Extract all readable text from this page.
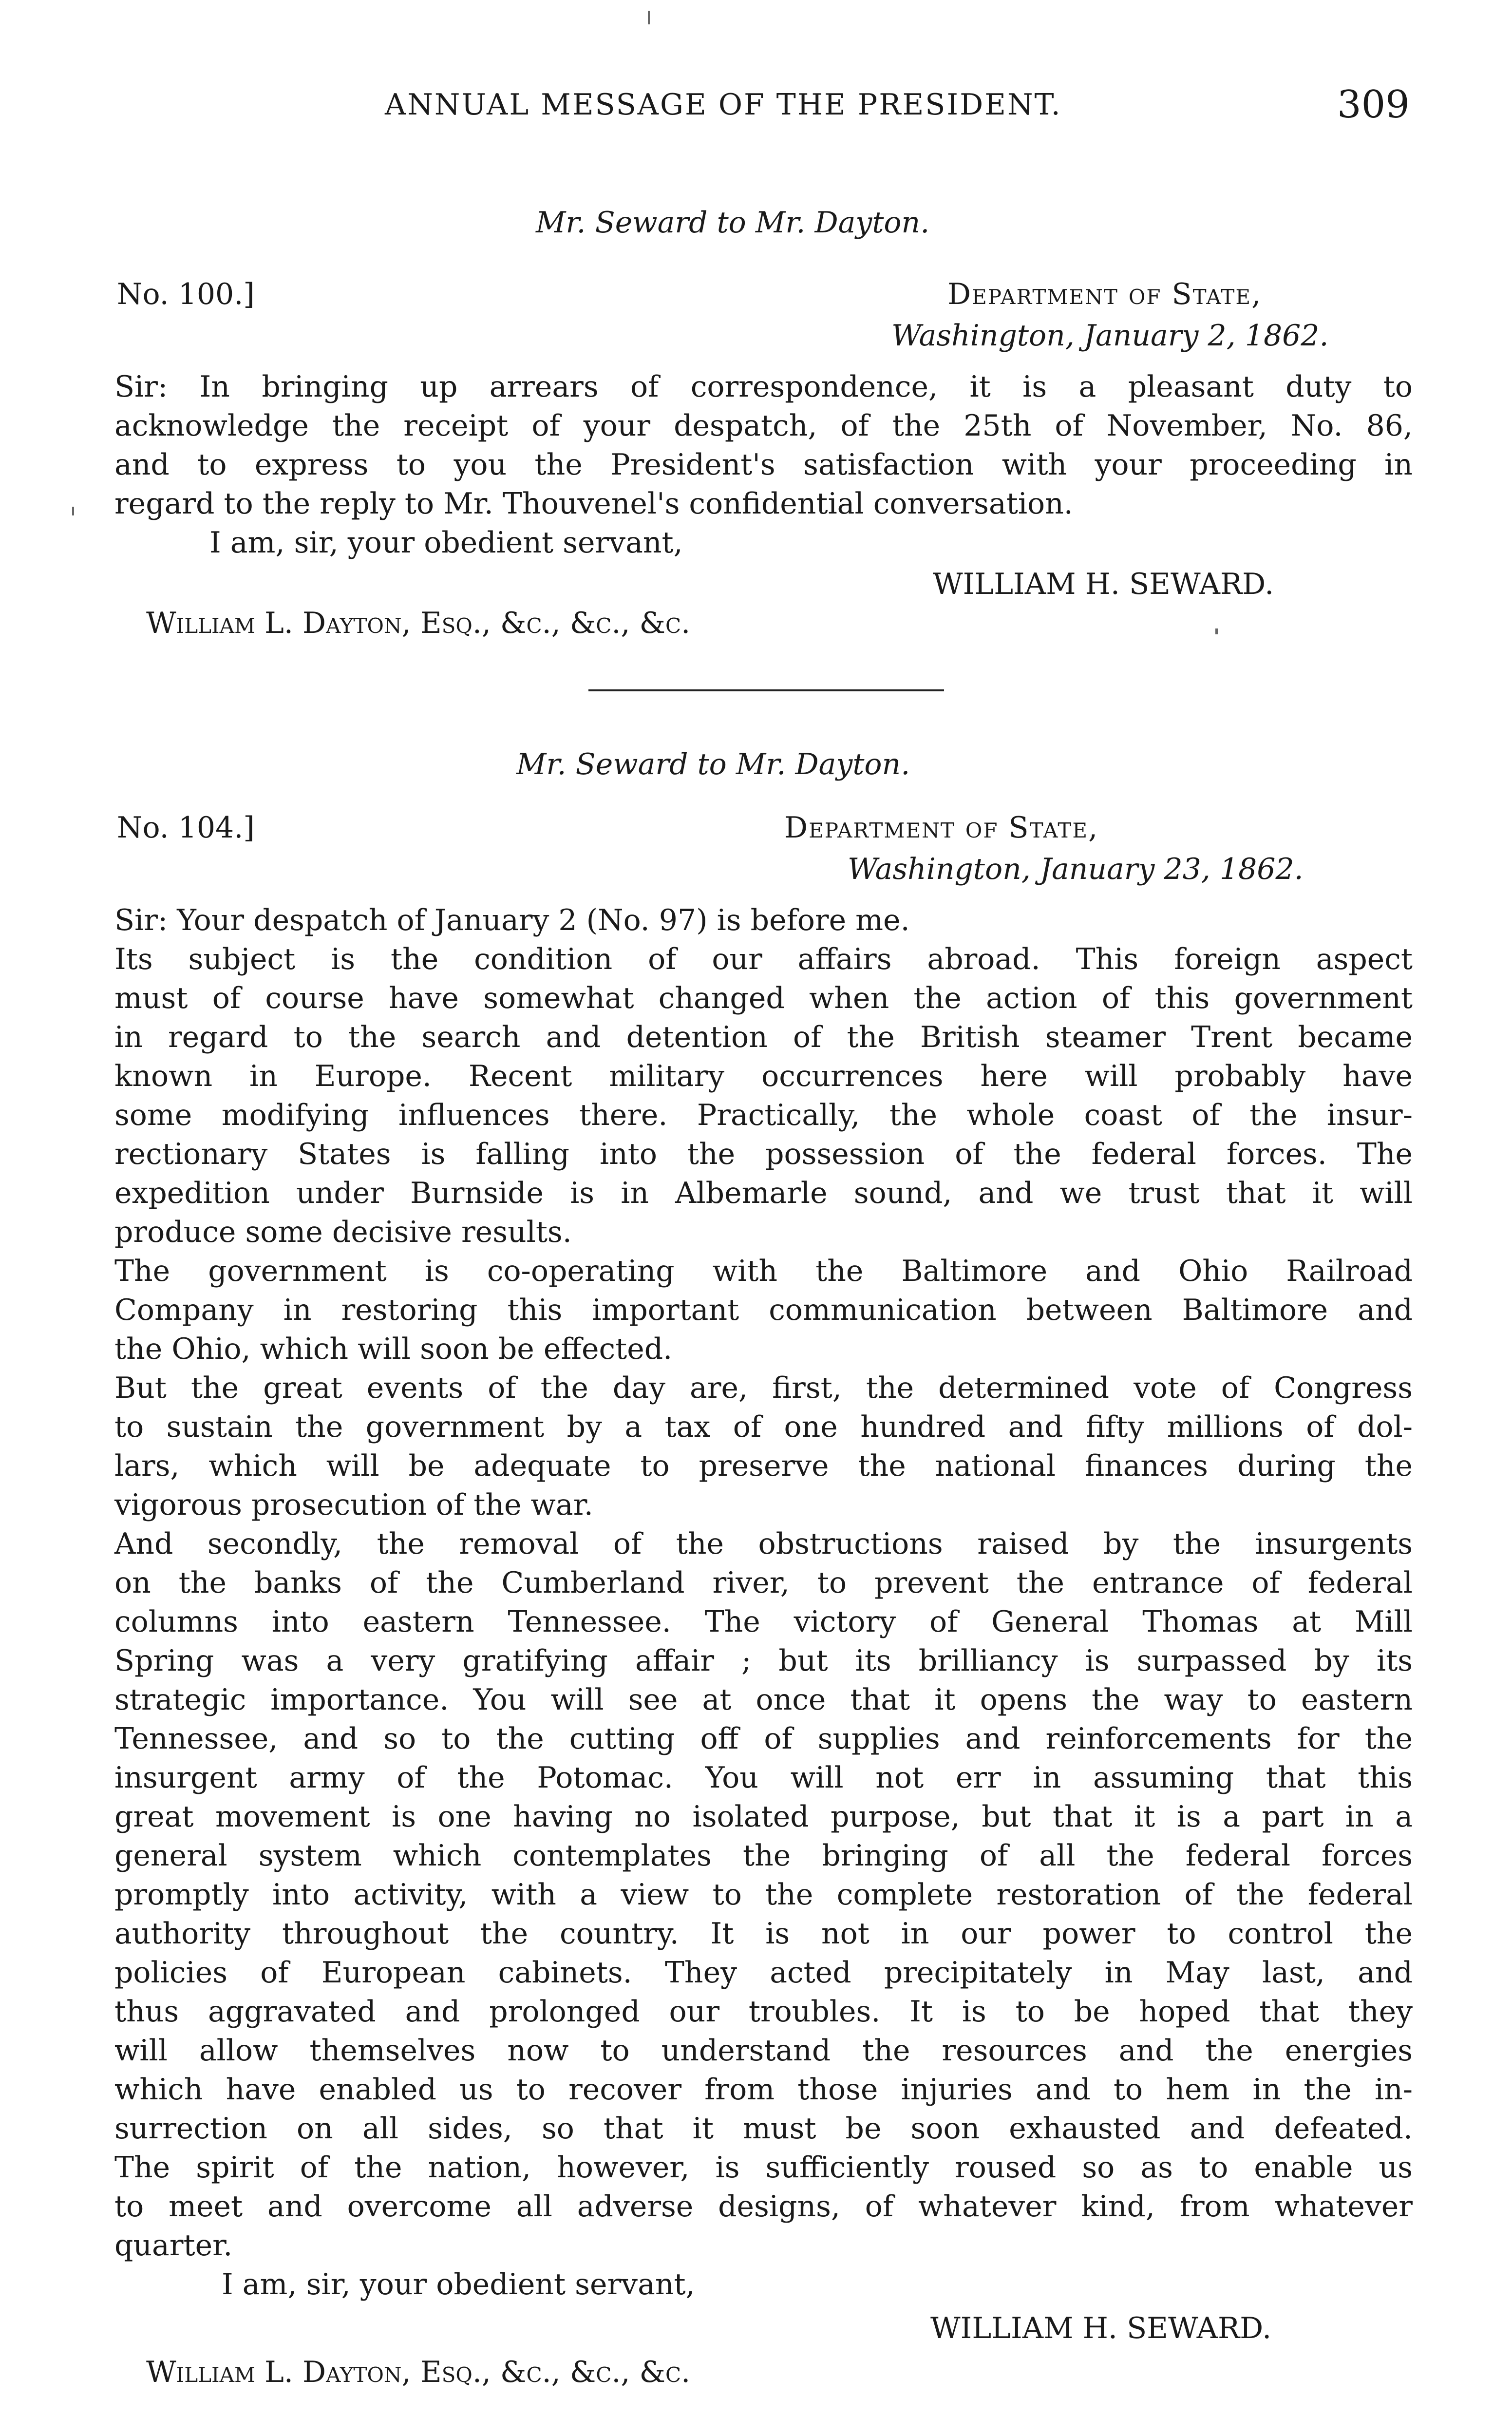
ANNUAL MESSAGE OF THE PRESIDENT.	309
Mr. Seward to Mr. Dayton.
No. 100.]	Department of State,
Washington, January 2, 1862.
Sir: In bringing up arrears of correspondence, it is a pleasant duty to
acknowledge the receipt of your despatch, of the 25th of November, No. 86,
and to express to you the President's satisfaction with your proceeding in
regard to the reply to Mr. Thouvenel's confidential conversation.
I am, sir, your obedient servant,
WILLIAM H. SEWARD.
William L. Dayton, Esq., &c., &c., &c.
Mr. Seward to Mr. Dayton.
No. 104.]	Department of State,
Washington, January 23, 1862.
Sir: Your despatch of January 2 (No. 97) is before me.
Its subject is the condition of our affairs abroad. This foreign aspect
must of course have somewhat changed when the action of this government
in regard to the search and detention of the British steamer Trent became
known in Europe. Recent military occurrences here will probably have
some modifying influences there. Practically, the whole coast of the insur-
rectionary States is falling into the possession of the federal forces. The
expedition under Burnside is in Albemarle sound, and we trust that it will
produce some decisive results.
The government is co-operating with the Baltimore and Ohio Railroad
Company in restoring this important communication between Baltimore and
the Ohio, which will soon be effected.
But the great events of the day are, first, the determined vote of Congress
to sustain the government by a tax of one hundred and fifty millions of dol-
lars, which will be adequate to preserve the national finances during the
vigorous prosecution of the war.
And secondly, the removal of the obstructions raised by the insurgents
on the banks of the Cumberland river, to prevent the entrance of federal
columns into eastern Tennessee. The victory of General Thomas at Mill
Spring was a very gratifying affair ; but its brilliancy is surpassed by its
strategic importance. You will see at once that it opens the way to eastern
Tennessee, and so to the cutting off of supplies and reinforcements for the
insurgent army of the Potomac. You will not err in assuming that this
great movement is one having no isolated purpose, but that it is a part in a
general system which contemplates the bringing of all the federal forces
promptly into activity, with a view to the complete restoration of the federal
authority throughout the country. It is not in our power to control the
policies of European cabinets. They acted precipitately in May last, and
thus aggravated and prolonged our troubles. It is to be hoped that they
will allow themselves now to understand the resources and the energies
which have enabled us to recover from those injuries and to hem in the in-
surrection on all sides, so that it must be soon exhausted and defeated.
The spirit of the nation, however, is sufficiently roused so as to enable us
to meet and overcome all adverse designs, of whatever kind, from whatever
quarter.
I am, sir, your obedient servant,
WILLIAM H. SEWARD.
William L. Dayton, Esq., &c., &c., &c.
